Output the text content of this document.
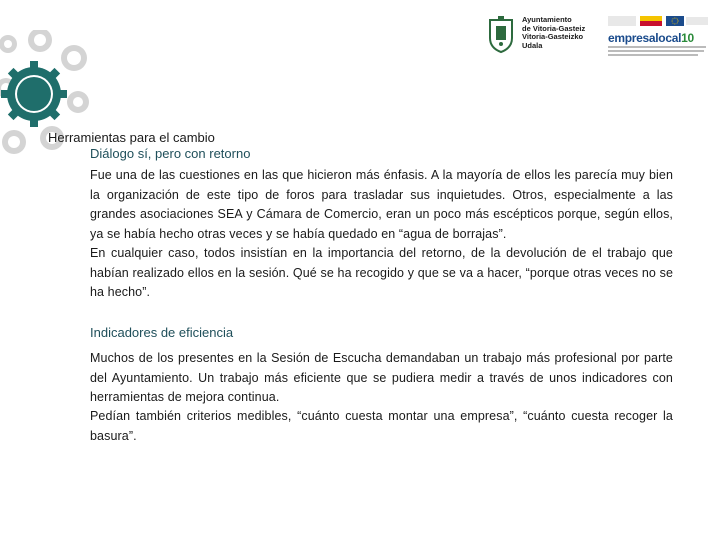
Ayuntamiento
de Vitoria-Gasteiz
Vitoria-Gasteizko
Udala	empresalocal10
Herramientas para el cambio
Diálogo sí, pero con retorno
Fue una de las cuestiones en las que hicieron más énfasis. A la mayoría de ellos les parecía muy bien la organización de este tipo de foros para trasladar sus inquietudes. Otros, especialmente a las grandes asociaciones SEA y Cámara de Comercio, eran un poco más escépticos porque, según ellos, ya se había hecho otras veces y se había quedado en “agua de borrajas”.
En cualquier caso, todos insistían en la importancia del retorno, de la devolución de el trabajo que habían realizado ellos en la sesión. Qué se ha recogido y que se va a hacer, “porque otras veces no se ha hecho”.
Indicadores de eficiencia
Muchos de los presentes en la Sesión de Escucha demandaban un trabajo más profesional por parte del Ayuntamiento. Un trabajo más eficiente que se pudiera medir a través de unos indicadores con herramientas de mejora continua.
Pedían también criterios medibles, “cuánto cuesta montar una empresa”, “cuánto cuesta recoger la basura”.
